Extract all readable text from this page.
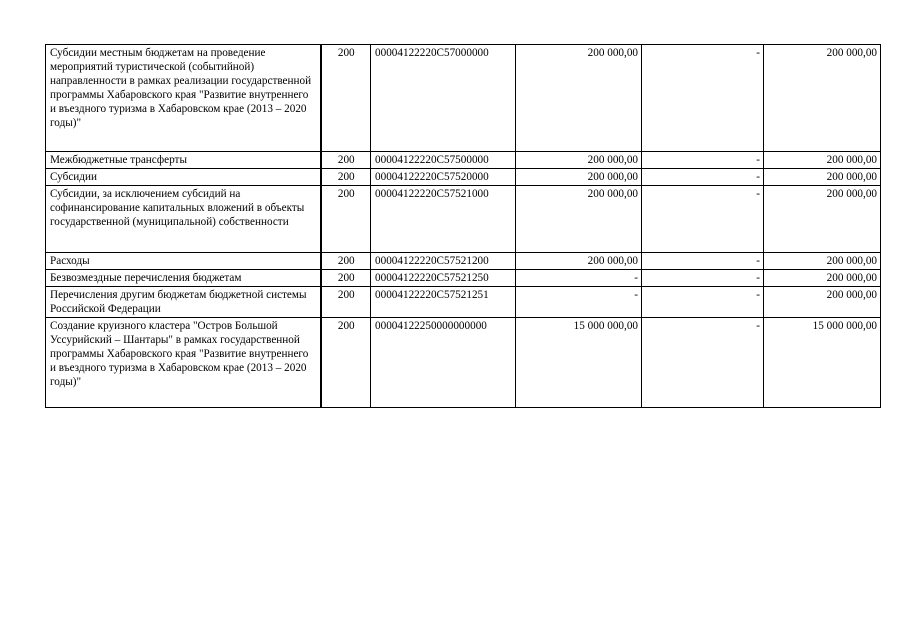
Субсидии местным бюджетам на проведение мероприятий туристической (событийной) направленности в рамках реализации государственной программы Хабаровского края "Развитие внутреннего и въездного туризма в Хабаровском крае (2013 – 2020 годы)"	200	00004122220C57000000	200 000,00	-	200 000,00
Межбюджетные трансферты	200	00004122220C57500000	200 000,00	-	200 000,00
Субсидии	200	00004122220C57520000	200 000,00	-	200 000,00
Субсидии, за исключением субсидий на софинансирование капитальных вложений в объекты государственной (муниципальной) собственности	200	00004122220C57521000	200 000,00	-	200 000,00
Расходы	200	00004122220C57521200	200 000,00	-	200 000,00
Безвозмездные перечисления бюджетам	200	00004122220C57521250	-	-	200 000,00
Перечисления другим бюджетам бюджетной системы Российской Федерации	200	00004122220C57521251	-	-	200 000,00
Создание круизного кластера "Остров Большой Уссурийский – Шантары" в рамках государственной программы Хабаровского края "Развитие внутреннего и въездного туризма в Хабаровском крае (2013 – 2020 годы)"	200	00004122250000000000	15 000 000,00	-	15 000 000,00
